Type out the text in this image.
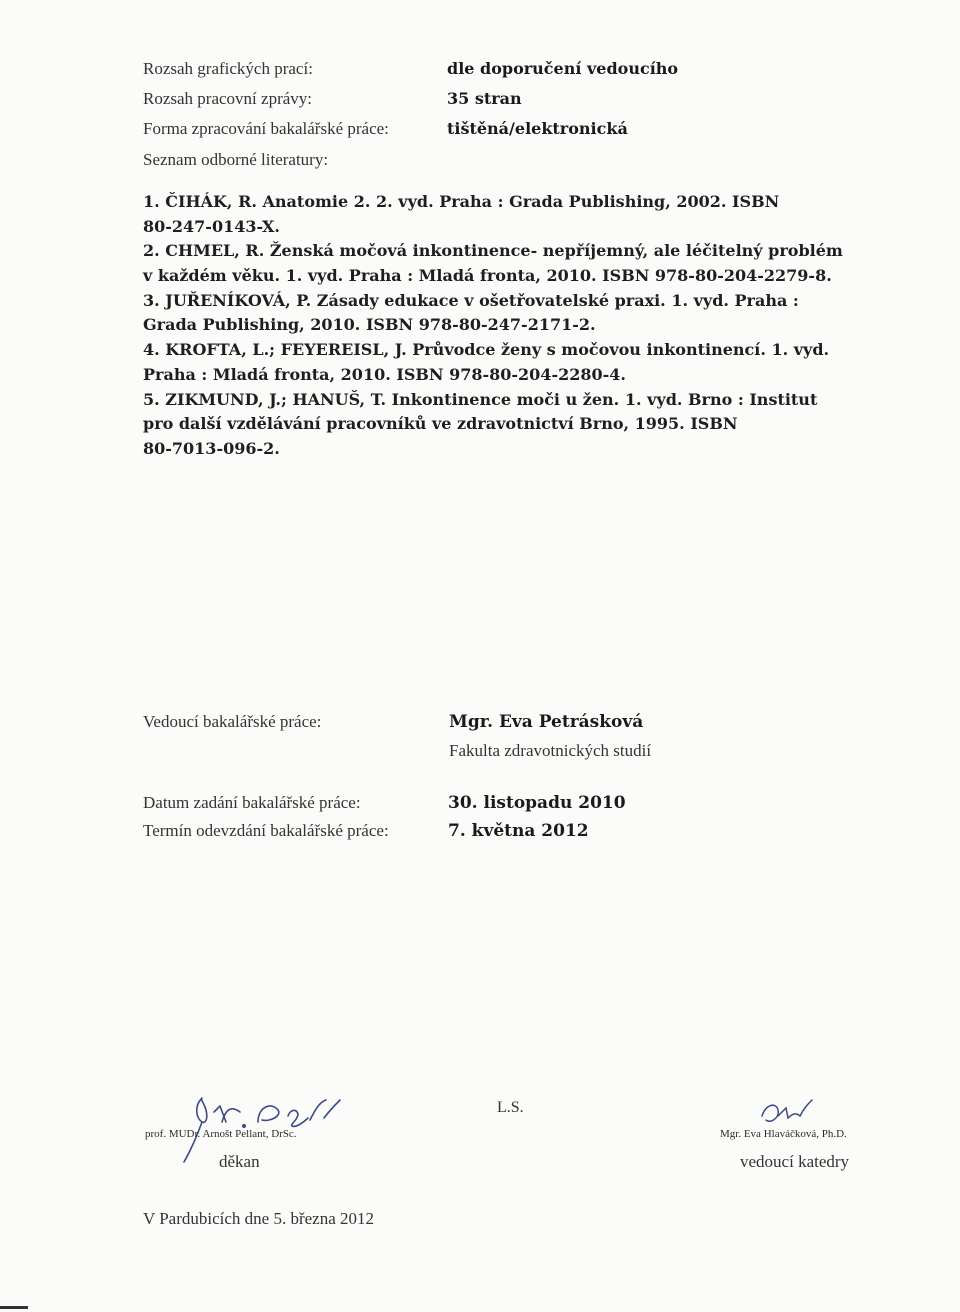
Rozsah grafických prací:	dle doporučení vedoucího
Rozsah pracovní zprávy:	35 stran
Forma zpracování bakalářské práce:	tištěná/elektronická
Seznam odborné literatury:
1. ČIHÁK, R. Anatomie 2. 2. vyd. Praha : Grada Publishing, 2002. ISBN
80-247-0143-X.
2. CHMEL, R. Ženská močová inkontinence- nepříjemný, ale léčitelný problém
v každém věku. 1. vyd. Praha : Mladá fronta, 2010. ISBN 978-80-204-2279-8.
3. JUŘENÍKOVÁ, P. Zásady edukace v ošetřovatelské praxi. 1. vyd. Praha :
Grada Publishing, 2010. ISBN 978-80-247-2171-2.
4. KROFTA, L.; FEYEREISL, J. Průvodce ženy s močovou inkontinencí. 1. vyd.
Praha : Mladá fronta, 2010. ISBN 978-80-204-2280-4.
5. ZIKMUND, J.; HANUŠ, T. Inkontinence moči u žen. 1. vyd. Brno : Institut
pro další vzdělávání pracovníků ve zdravotnictví Brno, 1995. ISBN
80-7013-096-2.
Vedoucí bakalářské práce:	Mgr. Eva Petrásková
Fakulta zdravotnických studií
Datum zadání bakalářské práce:	30. listopadu 2010
Termín odevzdání bakalářské práce:	7. května 2012
prof. MUDr. Arnošt Pellant, DrSc.
děkan
L.S.
Mgr. Eva Hlaváčková, Ph.D.
vedoucí katedry
V Pardubicích dne 5. března 2012
